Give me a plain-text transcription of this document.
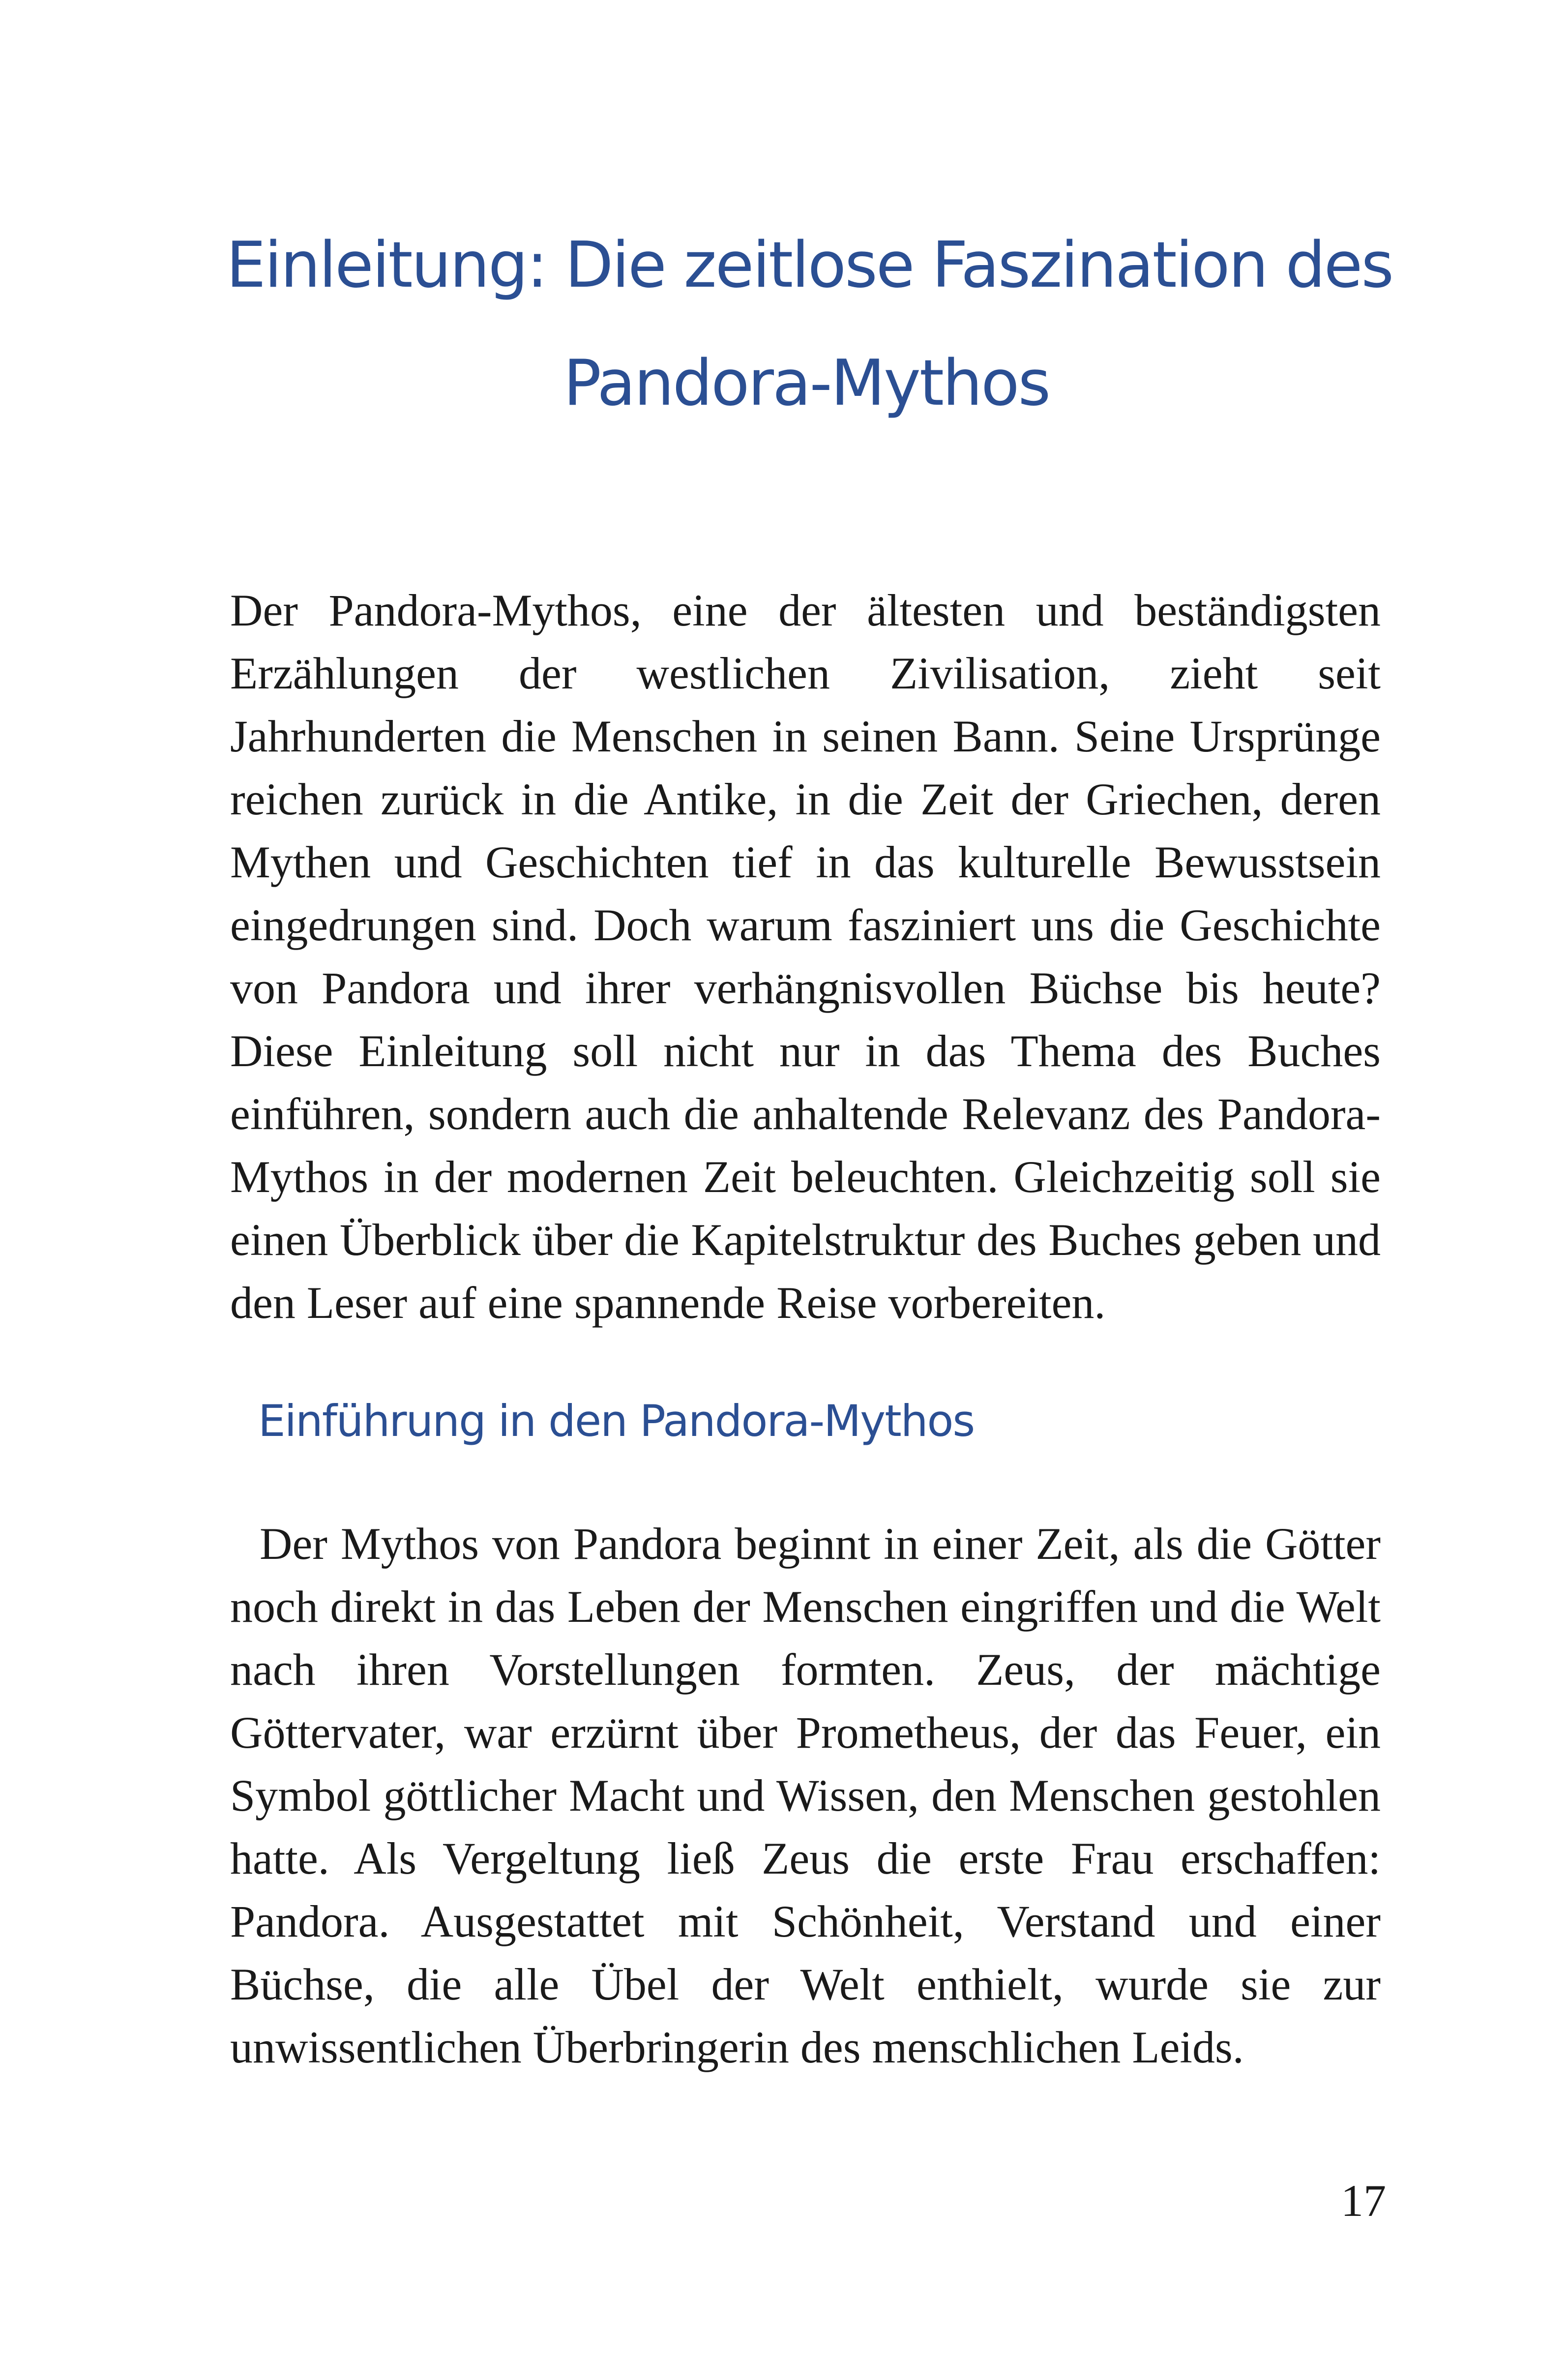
Einleitung: Die zeitlose Faszination des
Pandora-Mythos

Der Pandora-Mythos, eine der ältesten und beständigsten Erzählungen der westlichen Zivilisation, zieht seit Jahrhunderten die Menschen in seinen Bann. Seine Ursprünge reichen zurück in die Antike, in die Zeit der Griechen, deren Mythen und Geschichten tief in das kulturelle Bewusstsein eingedrungen sind. Doch warum fasziniert uns die Geschichte von Pandora und ihrer verhängnisvollen Büchse bis heute? Diese Einleitung soll nicht nur in das Thema des Buches einführen, sondern auch die anhaltende Relevanz des Pandora-Mythos in der modernen Zeit beleuchten. Gleichzeitig soll sie einen Überblick über die Kapitelstruktur des Buches geben und den Leser auf eine spannende Reise vorbereiten.

Einführung in den Pandora-Mythos

Der Mythos von Pandora beginnt in einer Zeit, als die Götter noch direkt in das Leben der Menschen eingriffen und die Welt nach ihren Vorstellungen formten. Zeus, der mächtige Göttervater, war erzürnt über Prometheus, der das Feuer, ein Symbol göttlicher Macht und Wissen, den Menschen gestohlen hatte. Als Vergeltung ließ Zeus die erste Frau erschaffen: Pandora. Ausgestattet mit Schönheit, Verstand und einer Büchse, die alle Übel der Welt enthielt, wurde sie zur unwissentlichen Überbringerin des menschlichen Leids.

17
